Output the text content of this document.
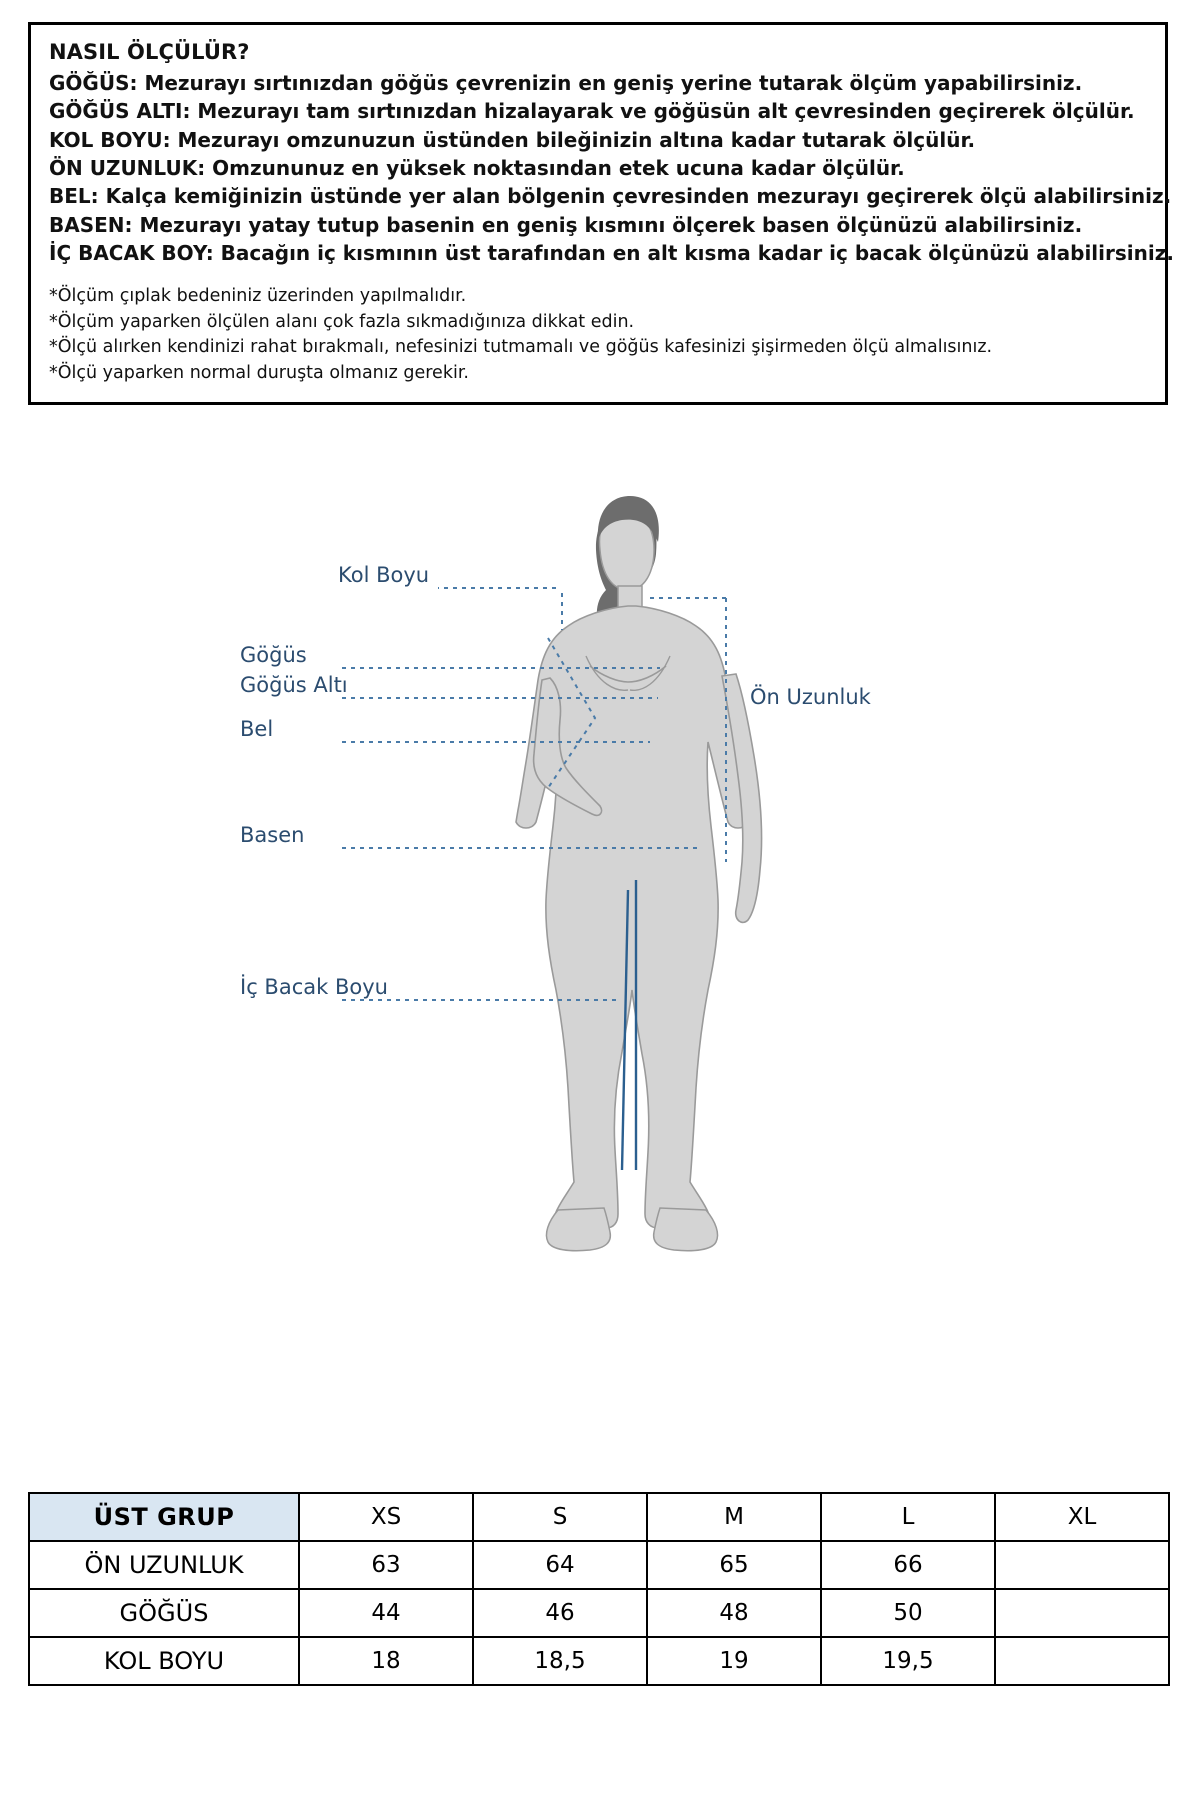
NASIL ÖLÇÜLÜR?

GÖĞÜS: Mezurayı sırtınızdan göğüs çevrenizin en geniş yerine tutarak ölçüm yapabilirsiniz.

GÖĞÜS ALTI: Mezurayı tam sırtınızdan hizalayarak ve göğüsün alt çevresinden geçirerek ölçülür.

KOL BOYU: Mezurayı omzunuzun üstünden bileğinizin altına kadar tutarak ölçülür.

ÖN UZUNLUK: Omzununuz en yüksek noktasından etek ucuna kadar ölçülür.

BEL: Kalça kemiğinizin üstünde yer alan bölgenin çevresinden mezurayı geçirerek ölçü alabilirsiniz.

BASEN: Mezurayı yatay tutup basenin en geniş kısmını ölçerek basen ölçünüzü alabilirsiniz.

İÇ BACAK BOY: Bacağın iç kısmının üst tarafından en alt kısma kadar iç bacak ölçünüzü alabilirsiniz.

*Ölçüm çıplak bedeniniz üzerinden yapılmalıdır.

*Ölçüm yaparken ölçülen alanı çok fazla sıkmadığınıza dikkat edin.

*Ölçü alırken kendinizi rahat bırakmalı, nefesinizi tutmamalı ve göğüs kafesinizi şişirmeden ölçü almalısınız.

*Ölçü yaparken normal duruşta olmanız gerekir.

Kol Boyu
Göğüs
Göğüs Altı
Bel
Basen
İç Bacak Boyu
Ön Uzunluk
ÜST GRUP	XS	S	M	L	XL
ÖN UZUNLUK	63	64	65	66	
GÖĞÜS	44	46	48	50	
KOL BOYU	18	18,5	19	19,5	
